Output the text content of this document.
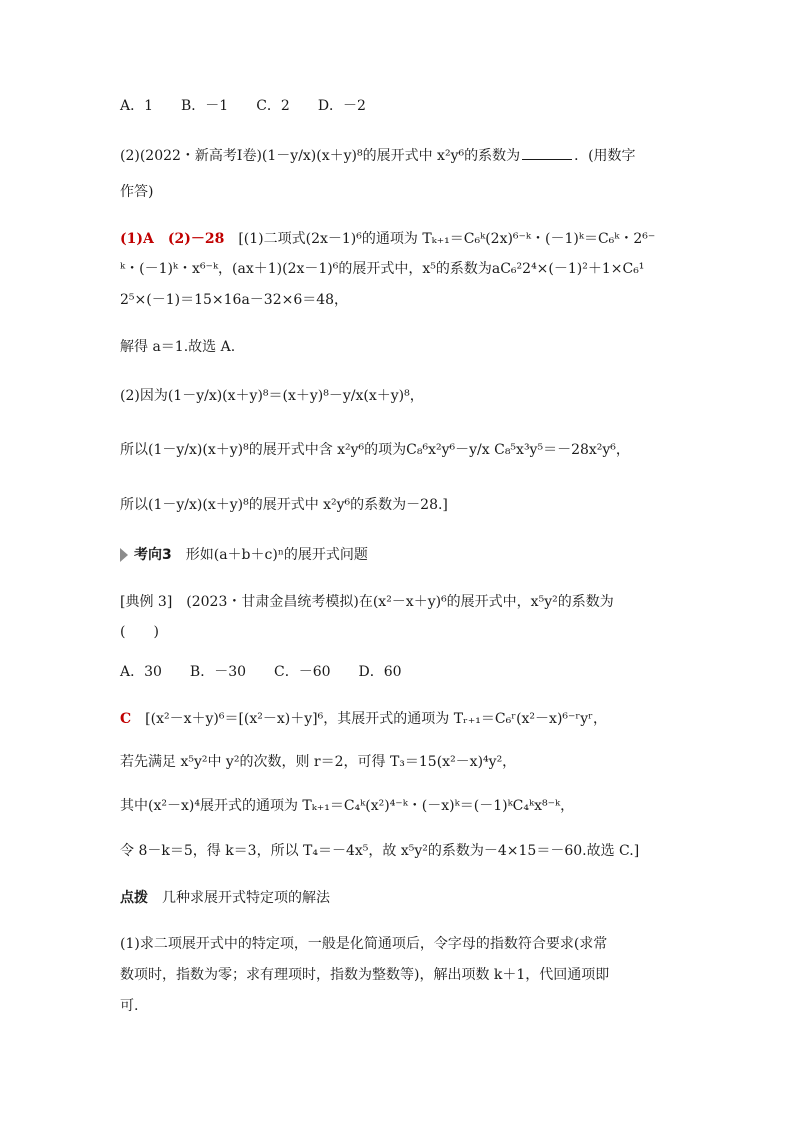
A．1　　B．－1　　C．2　　D．－2
(2)(2022・新高考Ⅰ卷)(1－y/x)(x＋y)⁸的展开式中 x²y⁶的系数为	．(用数字
作答)
(1)A　(2)－28　[(1)二项式(2x－1)⁶的通项为 Tₖ₊₁＝C₆ᵏ(2x)⁶⁻ᵏ・(－1)ᵏ＝C₆ᵏ・2⁶⁻
ᵏ・(－1)ᵏ・x⁶⁻ᵏ，(ax＋1)(2x－1)⁶的展开式中，x⁵的系数为aC₆²2⁴×(－1)²＋1×C₆¹
2⁵×(－1)＝15×16a－32×6＝48，
解得 a＝1.故选 A.
(2)因为(1－y/x)(x＋y)⁸＝(x＋y)⁸－y/x(x＋y)⁸，
所以(1－y/x)(x＋y)⁸的展开式中含 x²y⁶的项为C₈⁶x²y⁶－y/x C₈⁵x³y⁵＝－28x²y⁶，
所以(1－y/x)(x＋y)⁸的展开式中 x²y⁶的系数为－28.]
考向3 　形如(a＋b＋c)ⁿ的展开式问题
[典例 3]　(2023・甘肃金昌统考模拟)在(x²－x＋y)⁶的展开式中，x⁵y²的系数为
(　　)
A．30　　B．－30　　C．－60　　D．60
C　[(x²－x＋y)⁶＝[(x²－x)＋y]⁶，其展开式的通项为 Tᵣ₊₁＝C₆ʳ(x²－x)⁶⁻ʳyʳ，
若先满足 x⁵y²中 y²的次数，则 r＝2，可得 T₃＝15(x²－x)⁴y²，
其中(x²－x)⁴展开式的通项为 Tₖ₊₁＝C₄ᵏ(x²)⁴⁻ᵏ・(－x)ᵏ＝(－1)ᵏC₄ᵏx⁸⁻ᵏ，
令 8－k＝5，得 k＝3，所以 T₄＝－4x⁵，故 x⁵y²的系数为－4×15＝－60.故选 C.]
点拨　几种求展开式特定项的解法
(1)求二项展开式中的特定项，一般是化简通项后，令字母的指数符合要求(求常
数项时，指数为零；求有理项时，指数为整数等)，解出项数 k＋1，代回通项即
可.
